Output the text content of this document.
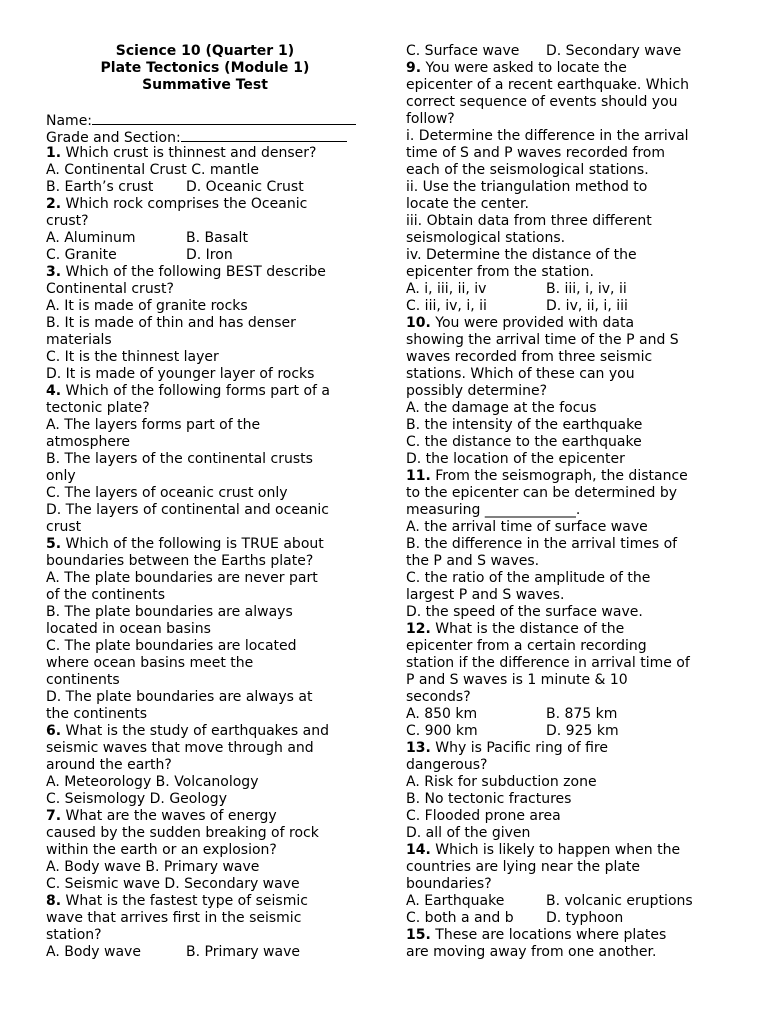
Science 10 (Quarter 1)
Plate Tectonics (Module 1)
Summative Test
Name:
Grade and Section:
1. Which crust is thinnest and denser?
A. Continental Crust C. mantle
B. Earth’s crust D. Oceanic Crust
2. Which rock comprises the Oceanic
crust?
A. Aluminum	B. Basalt
C. Granite	D. Iron
3. Which of the following BEST describe
Continental crust?
A. It is made of granite rocks
B. It is made of thin and has denser
materials
C. It is the thinnest layer
D. It is made of younger layer of rocks
4. Which of the following forms part of a
tectonic plate?
A. The layers forms part of the
atmosphere
B. The layers of the continental crusts
only
C. The layers of oceanic crust only
D. The layers of continental and oceanic
crust
5. Which of the following is TRUE about
boundaries between the Earths plate?
A. The plate boundaries are never part
of the continents
B. The plate boundaries are always
located in ocean basins
C. The plate boundaries are located
where ocean basins meet the
continents
D. The plate boundaries are always at
the continents
6. What is the study of earthquakes and
seismic waves that move through and
around the earth?
A. Meteorology B. Volcanology
C. Seismology D. Geology
7. What are the waves of energy
caused by the sudden breaking of rock
within the earth or an explosion?
A. Body wave B. Primary wave
C. Seismic wave D. Secondary wave
8. What is the fastest type of seismic
wave that arrives first in the seismic
station?
A. Body wave	B. Primary wave
C. Surface wave D. Secondary wave
9. You were asked to locate the
epicenter of a recent earthquake. Which
correct sequence of events should you
follow?
i. Determine the difference in the arrival
time of S and P waves recorded from
each of the seismological stations.
ii. Use the triangulation method to
locate the center.
iii. Obtain data from three different
seismological stations.
iv. Determine the distance of the
epicenter from the station.
A. i, iii, ii, iv	B. iii, i, iv, ii
C. iii, iv, i, ii	D. iv, ii, i, iii
10. You were provided with data
showing the arrival time of the P and S
waves recorded from three seismic
stations. Which of these can you
possibly determine?
A. the damage at the focus
B. the intensity of the earthquake
C. the distance to the earthquake
D. the location of the epicenter
11. From the seismograph, the distance
to the epicenter can be determined by
measuring _____________.
A. the arrival time of surface wave
B. the difference in the arrival times of
the P and S waves.
C. the ratio of the amplitude of the
largest P and S waves.
D. the speed of the surface wave.
12. What is the distance of the
epicenter from a certain recording
station if the difference in arrival time of
P and S waves is 1 minute & 10
seconds?
A. 850 km	B. 875 km
C. 900 km	D. 925 km
13. Why is Pacific ring of fire
dangerous?
A. Risk for subduction zone
B. No tectonic fractures
C. Flooded prone area
D. all of the given
14. Which is likely to happen when the
countries are lying near the plate
boundaries?
A. Earthquake	B. volcanic eruptions
C. both a and b D. typhoon
15. These are locations where plates
are moving away from one another.
